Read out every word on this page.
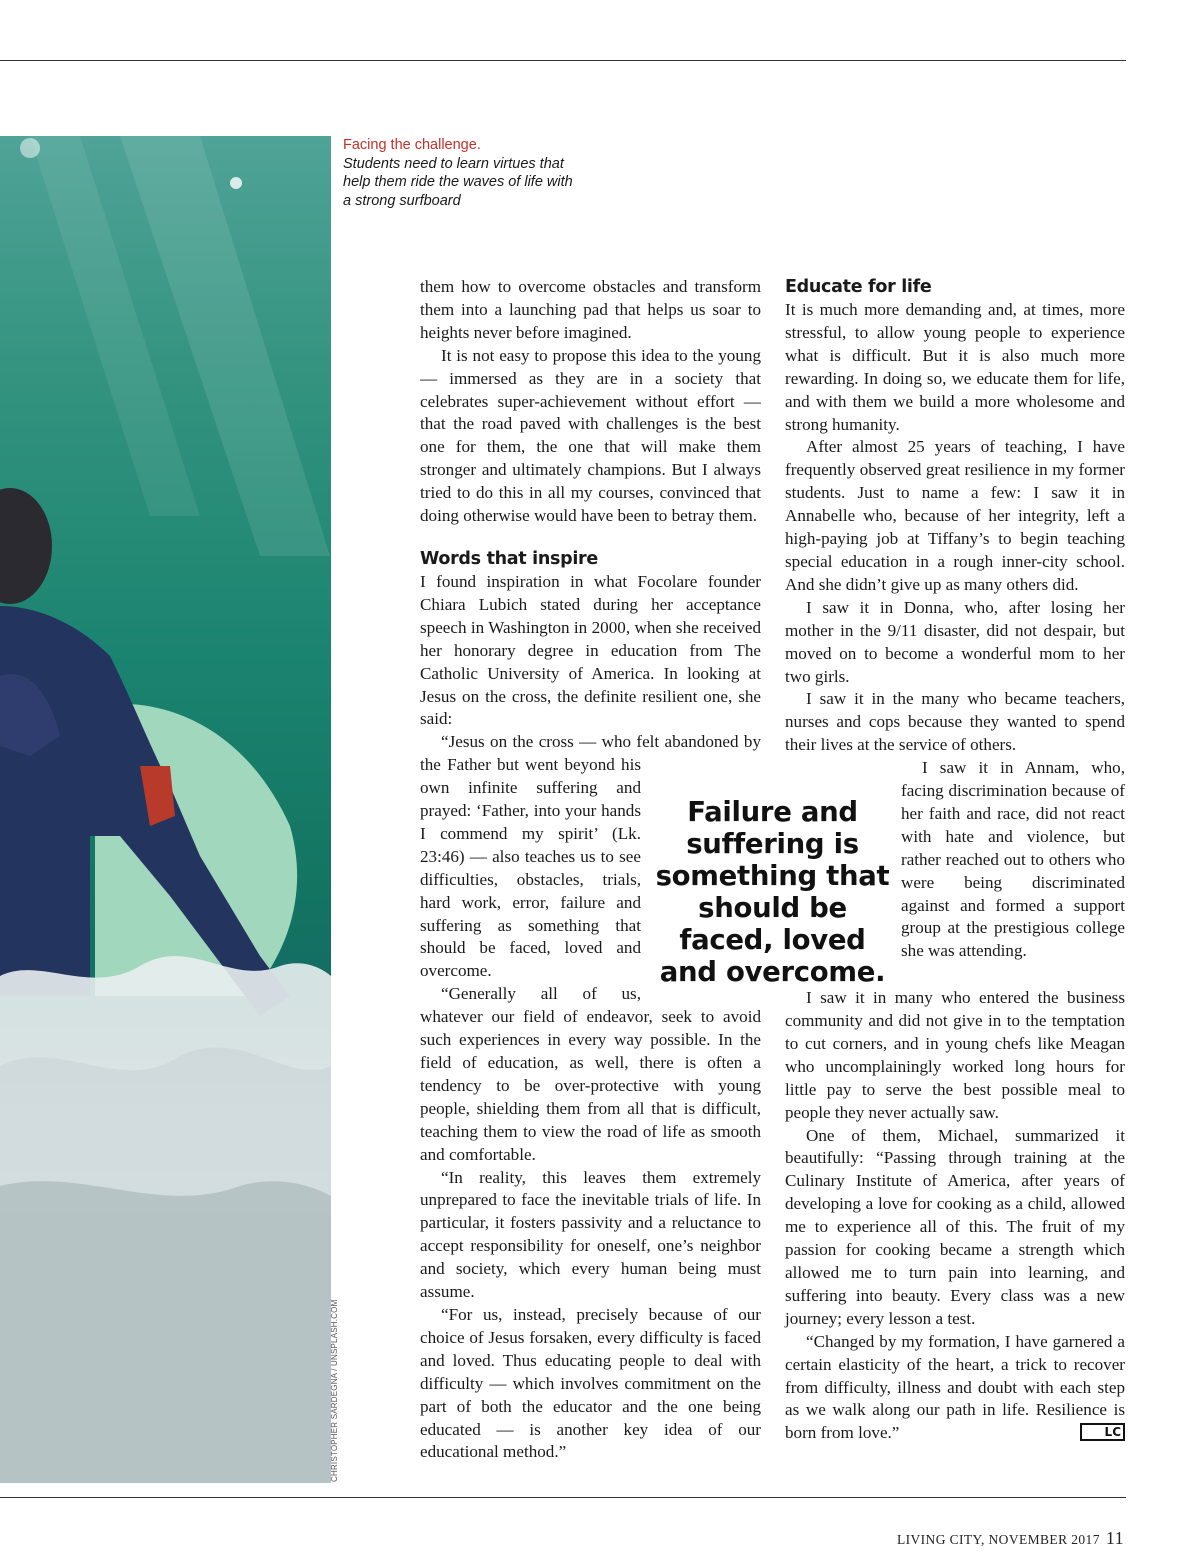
CHRISTOPHER SARDEGNA / UNSPLASH.COM
Facing the challenge.
Students need to learn virtues that help them ride the waves of life with a strong surfboard

them how to overcome obstacles and transform them into a launching pad that helps us soar to heights never before imagined.

It is not easy to propose this idea to the young — immersed as they are in a society that celebrates super-achievement without effort — that the road paved with challenges is the best one for them, the one that will make them stronger and ultimately champions. But I always tried to do this in all my courses, convinced that doing otherwise would have been to betray them.

Words that inspire

I found inspiration in what Focolare founder Chiara Lubich stated during her acceptance speech in Washington in 2000, when she received her honorary degree in education from The Catholic University of America. In looking at Jesus on the cross, the definite resilient one, she said:

“Jesus on the cross — who felt abandoned by the Father but went beyond his own infinite suffering and prayed: ‘Father, into your hands I commend my spirit’ (Lk. 23:46) — also teaches us to see difficulties, obstacles, trials, hard work, error, failure and suffering as something that should be faced, loved and overcome.

“Generally all of us, whatever our field of endeavor, seek to avoid such experiences in every way possible. In the field of education, as well, there is often a tendency to be over-protective with young people, shielding them from all that is difficult, teaching them to view the road of life as smooth and comfortable.

“In reality, this leaves them extremely unprepared to face the inevitable trials of life. In particular, it fosters passivity and a reluctance to accept responsibility for oneself, one’s neighbor and society, which every human being must assume.

“For us, instead, precisely because of our choice of Jesus forsaken, every difficulty is faced and loved. Thus educating people to deal with difficulty — which involves commitment on the part of both the educator and the one being educated — is another key idea of our educational method.”

Educate for life

It is much more demanding and, at times, more stressful, to allow young people to experience what is difficult. But it is also much more rewarding. In doing so, we educate them for life, and with them we build a more wholesome and strong humanity.

After almost 25 years of teaching, I have frequently observed great resilience in my former students. Just to name a few: I saw it in Annabelle who, because of her integrity, left a high-paying job at Tiffany’s to begin teaching special education in a rough inner-city school. And she didn’t give up as many others did.

I saw it in Donna, who, after losing her mother in the 9/11 disaster, did not despair, but moved on to become a wonderful mom to her two girls.

I saw it in the many who became teachers, nurses and cops because they wanted to spend their lives at the service of others.

I saw it in Annam, who, facing discrimination because of her faith and race, did not react with hate and violence, but rather reached out to others who were being discriminated against and formed a support group at the prestigious college she was attending.

I saw it in many who entered the business community and did not give in to the temptation to cut corners, and in young chefs like Meagan who uncomplainingly worked long hours for little pay to serve the best possible meal to people they never actually saw.

One of them, Michael, summarized it beautifully: “Passing through training at the Culinary Institute of America, after years of developing a love for cooking as a child, allowed me to experience all of this. The fruit of my passion for cooking became a strength which allowed me to turn pain into learning, and suffering into beauty. Every class was a new journey; every lesson a test.

“Changed by my formation, I have garnered a certain elasticity of the heart, a trick to recover from difficulty, illness and doubt with each step as we walk along our path in life. Resilience is born from love.”	LC

Failure and suffering is something that should be faced, loved and overcome.
LIVING CITY, NOVEMBER 2017 11
